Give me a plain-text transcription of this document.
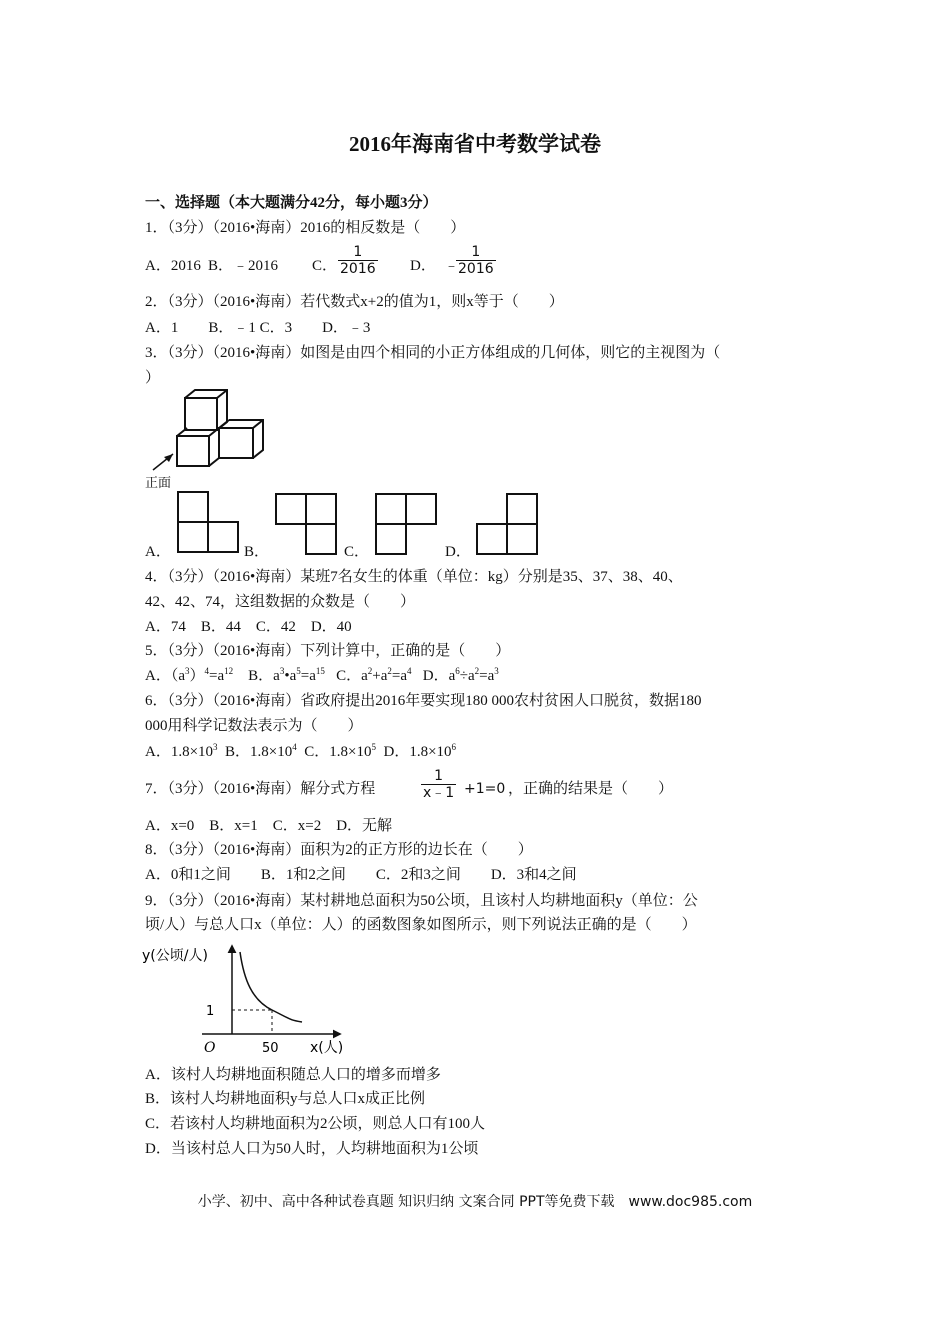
2016年海南省中考数学试卷
一、选择题（本大题满分42分，每小题3分）
1．（3分）（2016•海南）2016的相反数是（　　）
A．2016 B．﹣2016 C． $\frac{1}{2016}$ D． ﹣
$\frac{1}{2016}$
2．（3分）（2016•海南）若代数式x+2的值为1，则x等于（　　）
A．1　　B．﹣1 C．3　　D．﹣3
3．（3分）（2016•海南）如图是由四个相同的小正方体组成的几何体，则它的主视图为（
）
正面
A．	B．	C．	D．
4．（3分）（2016•海南）某班7名女生的体重（单位：kg）分别是35、37、38、40、
42、42、74，这组数据的众数是（　　）
A．74　B．44　C．42　D．40
5．（3分）（2016•海南）下列计算中，正确的是（　　）
A．$(a^3)^4=a^{12}$ B．$a^3•a^5=a^{15}$ C．$a^2+a^2=a^4$ D．$a^6\div a^2=a^3$
6．（3分）（2016•海南）省政府提出2016年要实现180 000农村贫困人口脱贫，数据180
000用科学记数法表示为（　　）
A．$1.8\times 10^3$ B．$1.8\times 10^4$ C．$1.8\times 10^5$ D．$1.8\times 10^6$
7．（3分）（2016•海南）解分式方程	$\frac{1}{x﹣1} +1=0$ ，正确的结果是（　　）
A．x=0　B．x=1　C．x=2　D．无解
8．（3分）（2016•海南）面积为2的正方形的边长在（　　）
A．0和1之间　　B．1和2之间　　C．2和3之间　　D．3和4之间
9．（3分）（2016•海南）某村耕地总面积为50公顷，且该村人均耕地面积y（单位：公
顷/人）与总人口x（单位：人）的函数图象如图所示，则下列说法正确的是（　　）
y(公顷/人)
x(人)
O	50
1
A．该村人均耕地面积随总人口的增多而增多
B．该村人均耕地面积y与总人口x成正比例
C．若该村人均耕地面积为2公顷，则总人口有100人
D．当该村总人口为50人时，人均耕地面积为1公顷
小学、初中、高中各种试卷真题 知识归纳 文案合同 PPT等免费下载　www.doc985.com
